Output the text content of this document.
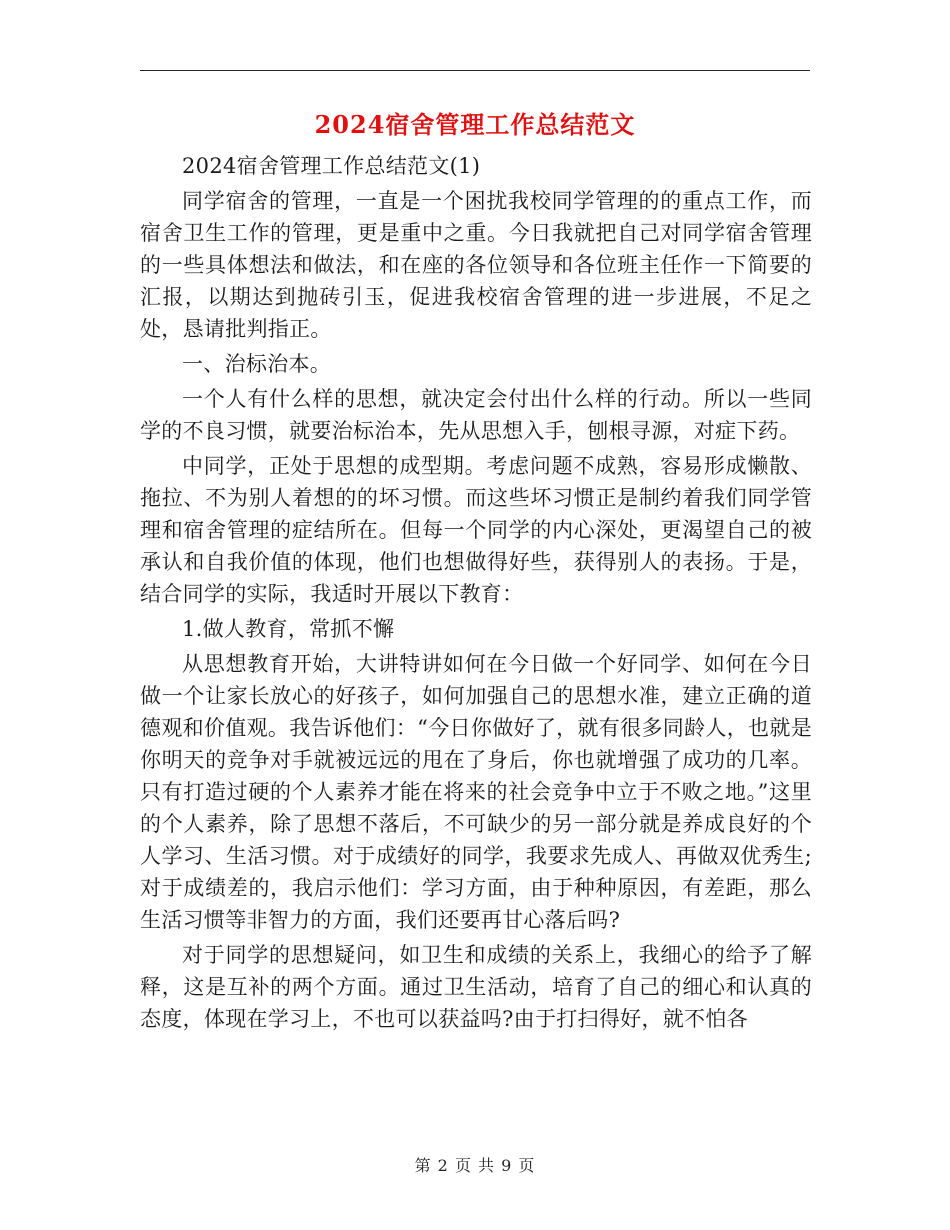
2024宿舍管理工作总结范文

2024宿舍管理工作总结范文(1)

同学宿舍的管理，一直是一个困扰我校同学管理的的重点工作，而宿舍卫生工作的管理，更是重中之重。今日我就把自己对同学宿舍管理的一些具体想法和做法，和在座的各位领导和各位班主任作一下简要的汇报，以期达到抛砖引玉，促进我校宿舍管理的进一步进展，不足之处，恳请批判指正。

一、治标治本。

一个人有什么样的思想，就决定会付出什么样的行动。所以一些同学的不良习惯，就要治标治本，先从思想入手，刨根寻源，对症下药。

中同学，正处于思想的成型期。考虑问题不成熟，容易形成懒散、拖拉、不为别人着想的的坏习惯。而这些坏习惯正是制约着我们同学管理和宿舍管理的症结所在。但每一个同学的内心深处，更渴望自己的被承认和自我价值的体现，他们也想做得好些，获得别人的表扬。于是，结合同学的实际，我适时开展以下教育：

1.做人教育，常抓不懈

从思想教育开始，大讲特讲如何在今日做一个好同学、如何在今日做一个让家长放心的好孩子，如何加强自己的思想水准，建立正确的道德观和价值观。我告诉他们：“今日你做好了，就有很多同龄人，也就是你明天的竞争对手就被远远的甩在了身后，你也就增强了成功的几率。只有打造过硬的个人素养才能在将来的社会竞争中立于不败之地。”这里的个人素养，除了思想不落后，不可缺少的另一部分就是养成良好的个人学习、生活习惯。对于成绩好的同学，我要求先成人、再做双优秀生;对于成绩差的，我启示他们：学习方面，由于种种原因，有差距，那么生活习惯等非智力的方面，我们还要再甘心落后吗?

对于同学的思想疑问，如卫生和成绩的关系上，我细心的给予了解释，这是互补的两个方面。通过卫生活动，培育了自己的细心和认真的态度，体现在学习上，不也可以获益吗?由于打扫得好，就不怕各

第 2 页 共 9 页
